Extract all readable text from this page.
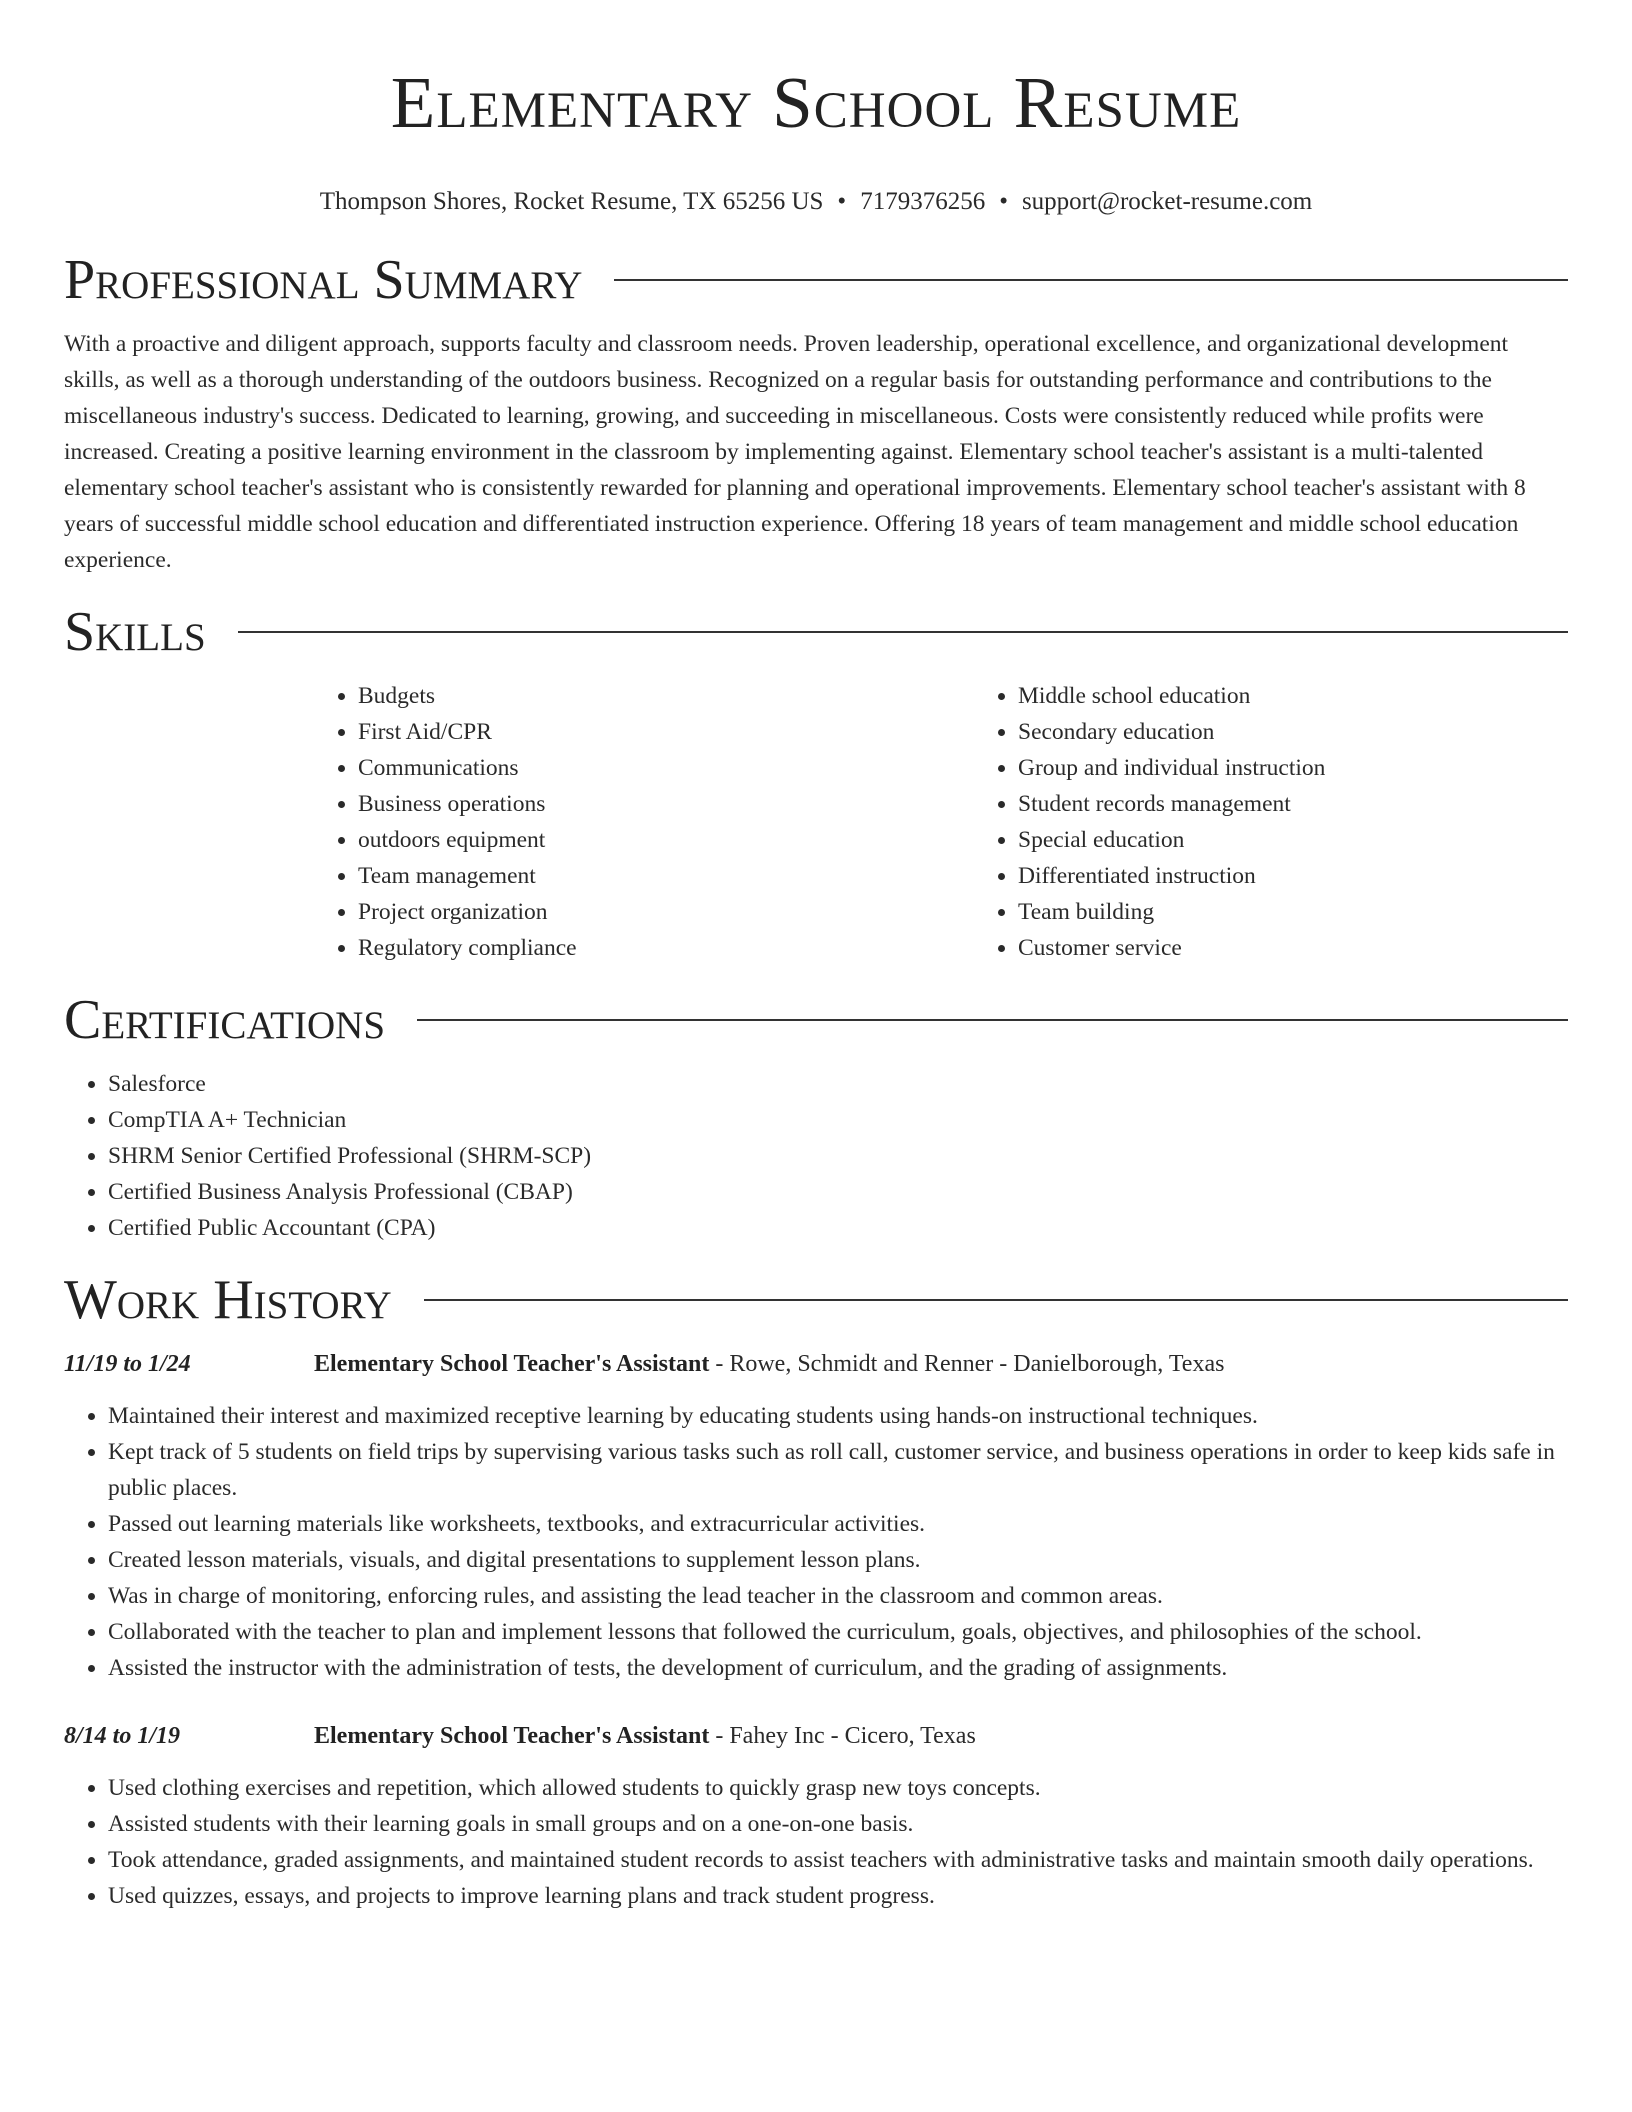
Elementary School Resume
Thompson Shores, Rocket Resume, TX 65256 US • 7179376256 • support@rocket-resume.com
Professional Summary

With a proactive and diligent approach, supports faculty and classroom needs. Proven leadership, operational excellence, and organizational development skills, as well as a thorough understanding of the outdoors business. Recognized on a regular basis for outstanding performance and contributions to the miscellaneous industry's success. Dedicated to learning, growing, and succeeding in miscellaneous. Costs were consistently reduced while profits were increased. Creating a positive learning environment in the classroom by implementing against. Elementary school teacher's assistant is a multi-talented elementary school teacher's assistant who is consistently rewarded for planning and operational improvements. Elementary school teacher's assistant with 8 years of successful middle school education and differentiated instruction experience. Offering 18 years of team management and middle school education experience.

Skills
• Budgets
• First Aid/CPR
• Communications
• Business operations
• outdoors equipment
• Team management
• Project organization
• Regulatory compliance
• Middle school education
• Secondary education
• Group and individual instruction
• Student records management
• Special education
• Differentiated instruction
• Team building
• Customer service
Certifications
• Salesforce
• CompTIA A+ Technician
• SHRM Senior Certified Professional (SHRM-SCP)
• Certified Business Analysis Professional (CBAP)
• Certified Public Accountant (CPA)
Work History
11/19 to 1/24	Elementary School Teacher's Assistant - Rowe, Schmidt and Renner - Danielborough, Texas
• Maintained their interest and maximized receptive learning by educating students using hands-on instructional techniques.
• Kept track of 5 students on field trips by supervising various tasks such as roll call, customer service, and business operations in order to keep kids safe in public places.
• Passed out learning materials like worksheets, textbooks, and extracurricular activities.
• Created lesson materials, visuals, and digital presentations to supplement lesson plans.
• Was in charge of monitoring, enforcing rules, and assisting the lead teacher in the classroom and common areas.
• Collaborated with the teacher to plan and implement lessons that followed the curriculum, goals, objectives, and philosophies of the school.
• Assisted the instructor with the administration of tests, the development of curriculum, and the grading of assignments.
8/14 to 1/19	Elementary School Teacher's Assistant - Fahey Inc - Cicero, Texas
• Used clothing exercises and repetition, which allowed students to quickly grasp new toys concepts.
• Assisted students with their learning goals in small groups and on a one-on-one basis.
• Took attendance, graded assignments, and maintained student records to assist teachers with administrative tasks and maintain smooth daily operations.
• Used quizzes, essays, and projects to improve learning plans and track student progress.
